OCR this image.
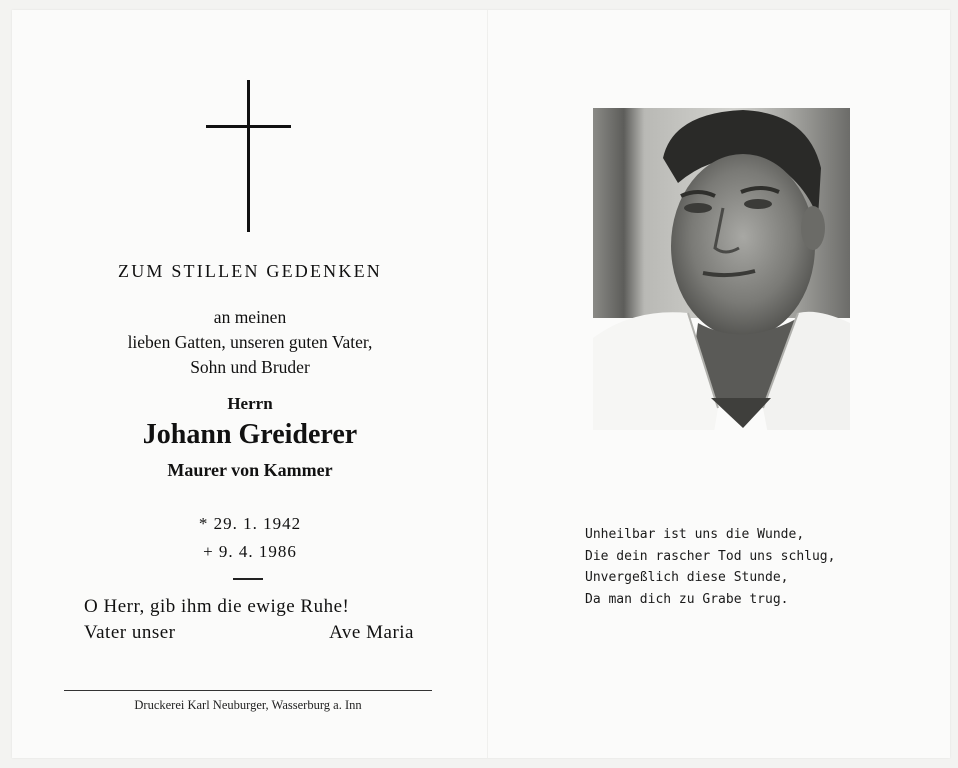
ZUM STILLEN GEDENKEN
an meinen
lieben Gatten, unseren guten Vater,
Sohn und Bruder
Herrn
Johann Greiderer
Maurer von Kammer
* 29. 1. 1942
+ 9. 4. 1986
O Herr, gib ihm die ewige Ruhe!
Vater unser	Ave Maria
Druckerei Karl Neuburger, Wasserburg a. Inn
Unheilbar ist uns die Wunde,
Die dein rascher Tod uns schlug,
Unvergeßlich diese Stunde,
Da man dich zu Grabe trug.
